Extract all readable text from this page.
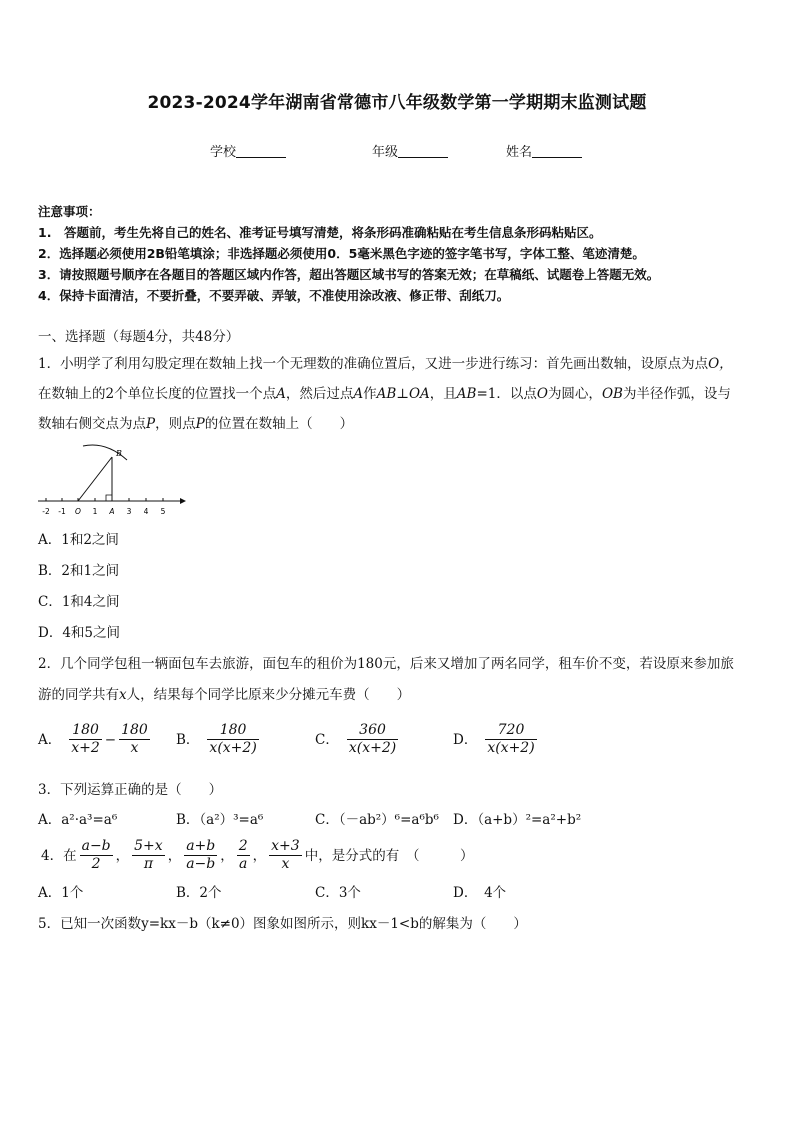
2023-2024学年湖南省常德市八年级数学第一学期期末监测试题
学校	年级	姓名
注意事项：
1.　答题前，考生先将自己的姓名、准考证号填写清楚，将条形码准确粘贴在考生信息条形码粘贴区。
2．选择题必须使用2B铅笔填涂；非选择题必须使用0．5毫米黑色字迹的签字笔书写，字体工整、笔迹清楚。
3．请按照题号顺序在各题目的答题区域内作答，超出答题区域书写的答案无效；在草稿纸、试题卷上答题无效。
4．保持卡面清洁，不要折叠，不要弄破、弄皱，不准使用涂改液、修正带、刮纸刀。
一、选择题（每题4分，共48分）
1．小明学了利用勾股定理在数轴上找一个无理数的准确位置后，又进一步进行练习：首先画出数轴，设原点为点O，
在数轴上的2个单位长度的位置找一个点A，然后过点A作AB⊥OA，且AB=1．以点O为圆心，OB为半径作弧，设与
数轴右侧交点为点P，则点P的位置在数轴上（　　）
B
-2 -1 O 1 A 3 4 5
A．1和2之间
B．2和1之间
C．1和4之间
D．4和5之间
2．几个同学包租一辆面包车去旅游，面包车的租价为180元，后来又增加了两名同学，租车价不变，若设原来参加旅
游的同学共有x人，结果每个同学比原来少分摊元车费（　　）
A． $\frac{180}{x+2} - \frac{180}{x}$ B． $\frac{180}{x(x+2)}$	C． $\frac{360}{x(x+2)}$	D． $\frac{720}{x(x+2)}$
3．下列运算正确的是（　　）
A．a²·a³=a⁶	B．（a²）³=a⁶	C．（－ab²）⁶=a⁶b⁶ D．（a+b）²=a²+b²
4．在 $\frac{a-b}{2}$ ， $\frac{5+x}{\pi}$ ， $\frac{a+b}{a-b}$ ， $\frac{2}{a}$ ， $\frac{x+3}{x}$ 中，是分式的有　（　　　）
A．1个	B．2个	C．3个	D．　4个
5．已知一次函数y=kx－b（k≠0）图象如图所示，则kx－1<b的解集为（　　）
